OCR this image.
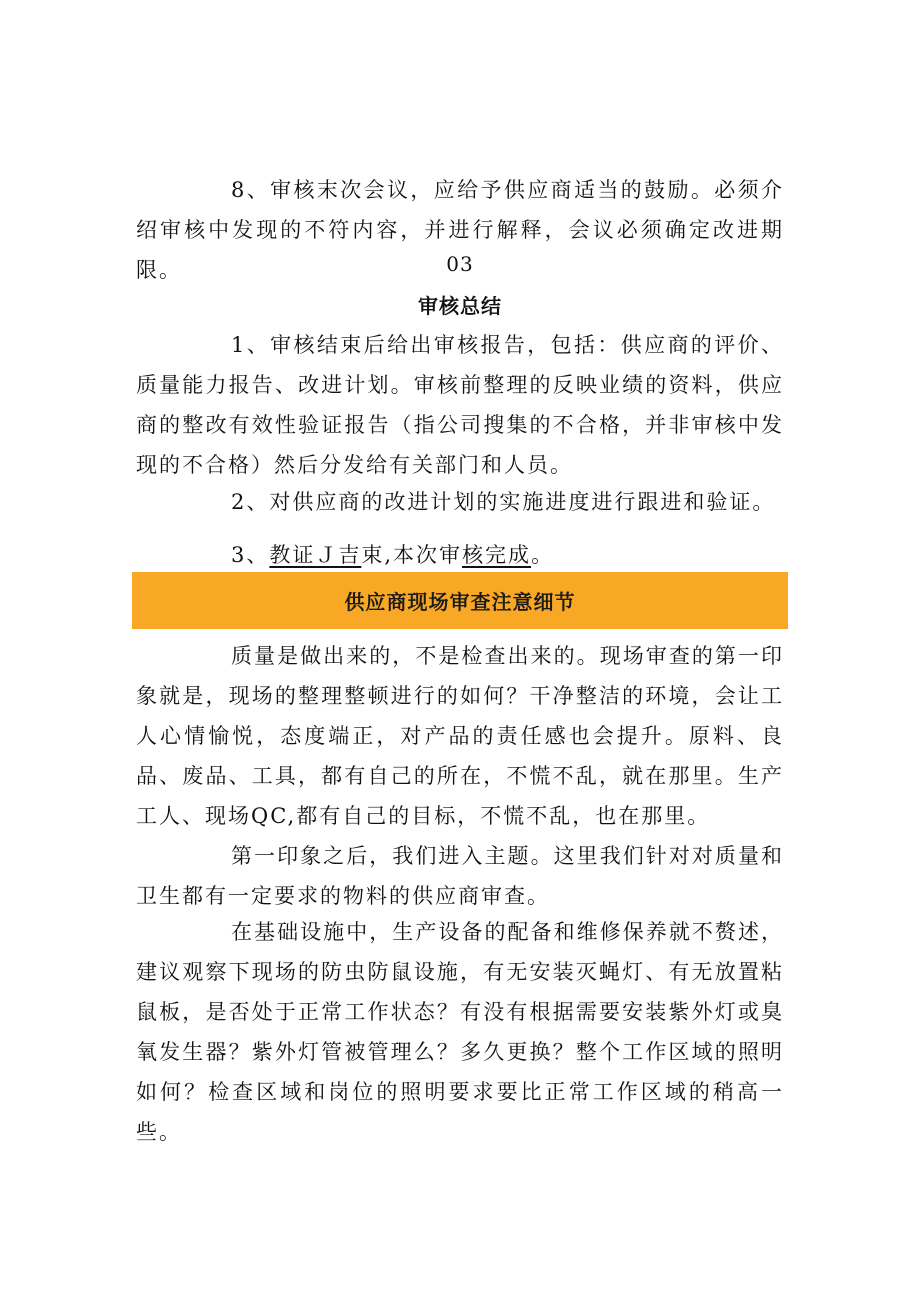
8、审核末次会议，应给予供应商适当的鼓励。必须介绍审核中发现的不符内容，并进行解释，会议必须确定改进期限。	03
审核总结

1、审核结束后给出审核报告，包括：供应商的评价、质量能力报告、改进计划。审核前整理的反映业绩的资料，供应商的整改有效性验证报告（指公司搜集的不合格，并非审核中发现的不合格）然后分发给有关部门和人员。

2、对供应商的改进计划的实施进度进行跟进和验证。

3、教证Ｊ吉束,本次审核完成。

供应商现场审查注意细节

质量是做出来的，不是检查出来的。现场审查的第一印象就是，现场的整理整顿进行的如何？干净整洁的环境，会让工人心情愉悦，态度端正，对产品的责任感也会提升。原料、良品、废品、工具，都有自己的所在，不慌不乱，就在那里。生产工人、现场QC,都有自己的目标，不慌不乱，也在那里。

第一印象之后，我们进入主题。这里我们针对对质量和卫生都有一定要求的物料的供应商审查。

在基础设施中，生产设备的配备和维修保养就不赘述，建议观察下现场的防虫防鼠设施，有无安装灭蝇灯、有无放置粘鼠板，是否处于正常工作状态？有没有根据需要安装紫外灯或臭氧发生器？紫外灯管被管理么？多久更换？整个工作区域的照明如何？检查区域和岗位的照明要求要比正常工作区域的稍高一些。
